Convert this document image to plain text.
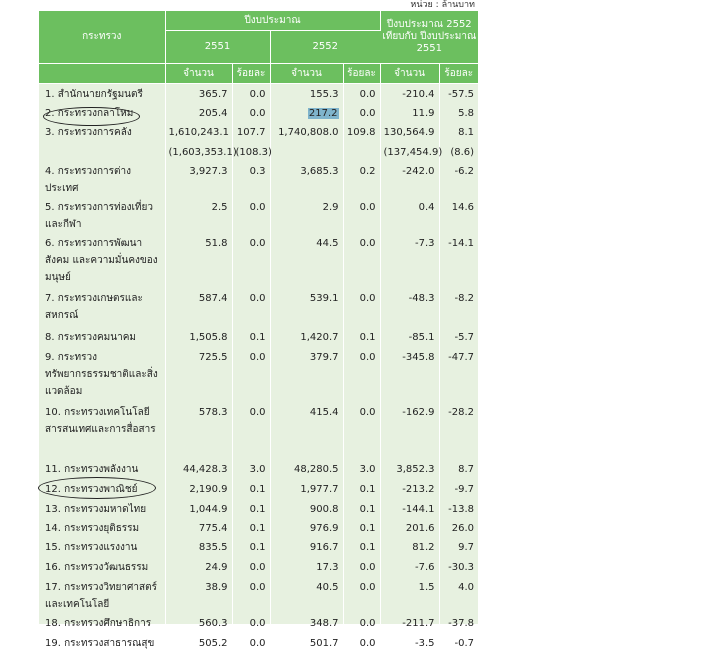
หน่วย : ล้านบาท
กระทรวง	ปีงบประมาณ				ปีงบประมาณ 2552 เทียบกับ ปีงบประมาณ 2551	
	2551		2552			
	จำนวน	ร้อยละ	จำนวน	ร้อยละ	จำนวน	ร้อยละ
1. สำนักนายกรัฐมนตรี	365.7	0.0	155.3	0.0	-210.4	-57.5
2. กระทรวงกลาโหม	205.4	0.0	217.2	0.0	11.9	5.8
3. กระทรวงการคลัง	1,610,243.1	107.7	1,740,808.0	109.8	130,564.9	8.1
	(1,603,353.1)	(108.3)			(137,454.9)	(8.6)
4. กระทรวงการต่างประเทศ	3,927.3	0.3	3,685.3	0.2	-242.0	-6.2
5. กระทรวงการท่องเที่ยวและกีฬา	2.5	0.0	2.9	0.0	0.4	14.6
6. กระทรวงการพัฒนาสังคม และความมั่นคงของมนุษย์	51.8	0.0	44.5	0.0	-7.3	-14.1
7. กระทรวงเกษตรและสหกรณ์	587.4	0.0	539.1	0.0	-48.3	-8.2
8. กระทรวงคมนาคม	1,505.8	0.1	1,420.7	0.1	-85.1	-5.7
9. กระทรวงทรัพยากรธรรมชาติและสิ่งแวดล้อม	725.5	0.0	379.7	0.0	-345.8	-47.7
10. กระทรวงเทคโนโลยีสารสนเทศและการสื่อสาร	578.3	0.0	415.4	0.0	-162.9	-28.2
11. กระทรวงพลังงาน	44,428.3	3.0	48,280.5	3.0	3,852.3	8.7
12. กระทรวงพาณิชย์	2,190.9	0.1	1,977.7	0.1	-213.2	-9.7
13. กระทรวงมหาดไทย	1,044.9	0.1	900.8	0.1	-144.1	-13.8
14. กระทรวงยุติธรรม	775.4	0.1	976.9	0.1	201.6	26.0
15. กระทรวงแรงงาน	835.5	0.1	916.7	0.1	81.2	9.7
16. กระทรวงวัฒนธรรม	24.9	0.0	17.3	0.0	-7.6	-30.3
17. กระทรวงวิทยาศาสตร์และเทคโนโลยี	38.9	0.0	40.5	0.0	1.5	4.0
18. กระทรวงศึกษาธิการ	560.3	0.0	348.7	0.0	-211.7	-37.8
19. กระทรวงสาธารณสุข	505.2	0.0	501.7	0.0	-3.5	-0.7
